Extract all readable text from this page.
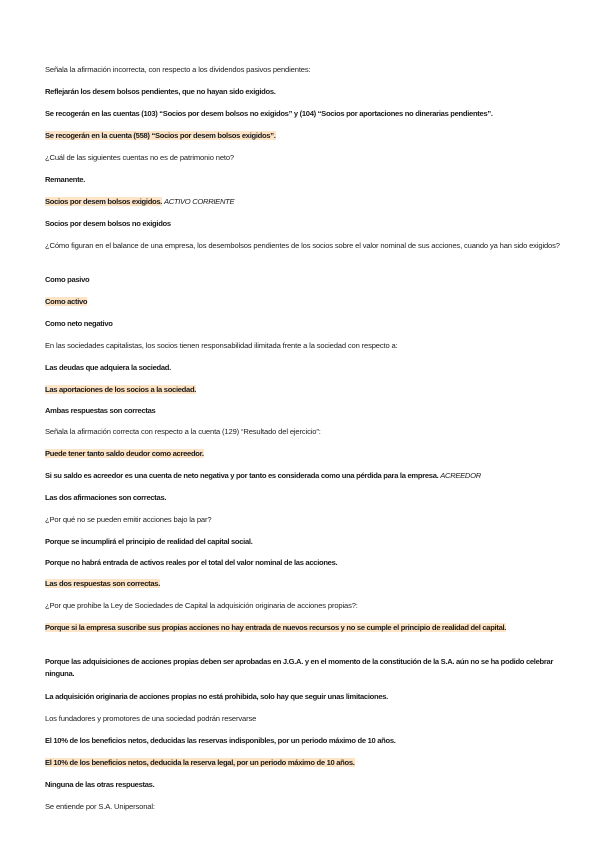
Señala la afirmación incorrecta, con respecto a los dividendos pasivos pendientes:

Reflejarán los desem bolsos pendientes, que no hayan sido exigidos.

Se recogerán en las cuentas (103) “Socios por desem bolsos no exigidos” y (104) “Socios por aportaciones no dinerarias pendientes”.

Se recogerán en la cuenta (558) “Socios por desem bolsos exigidos”.

¿Cuál de las siguientes cuentas no es de patrimonio neto?

Remanente.

Socios por desem bolsos exigidos. ACTIVO CORRIENTE

Socios por desem bolsos no exigidos

¿Cómo figuran en el balance de una empresa, los desembolsos pendientes de los socios sobre el valor nominal de sus acciones, cuando ya han sido exigidos?

Como pasivo

Como activo

Como neto negativo

En las sociedades capitalistas, los socios tienen responsabilidad ilimitada frente a la sociedad con respecto a:

Las deudas que adquiera la sociedad.

Las aportaciones de los socios a la sociedad.

Ambas respuestas son correctas

Señala la afirmación correcta con respecto a la cuenta (129) “Resultado del ejercicio”:

Puede tener tanto saldo deudor como acreedor.

Si su saldo es acreedor es una cuenta de neto negativa y por tanto es considerada como una pérdida para la empresa. ACREEDOR

Las dos afirmaciones son correctas.

¿Por qué no se pueden emitir acciones bajo la par?

Porque se incumplirá el principio de realidad del capital social.

Porque no habrá entrada de activos reales por el total del valor nominal de las acciones.

Las dos respuestas son correctas.

¿Por que prohibe la Ley de Sociedades de Capital la adquisición originaria de acciones propias?:

Porque si la empresa suscribe sus propias acciones no hay entrada de nuevos recursos y no se cumple el principio de realidad del capital.

Porque las adquisiciones de acciones propias deben ser aprobadas en J.G.A. y en el momento de la constitución de la S.A. aún no se ha podido celebrar ninguna.

La adquisición originaria de acciones propias no está prohibida, solo hay que seguir unas limitaciones.

Los fundadores y promotores de una sociedad podrán reservarse

El 10% de los beneficios netos, deducidas las reservas indisponibles, por un periodo máximo de 10 años.

El 10% de los beneficios netos, deducida la reserva legal, por un periodo máximo de 10 años.

Ninguna de las otras respuestas.

Se entiende por S.A. Unipersonal:
